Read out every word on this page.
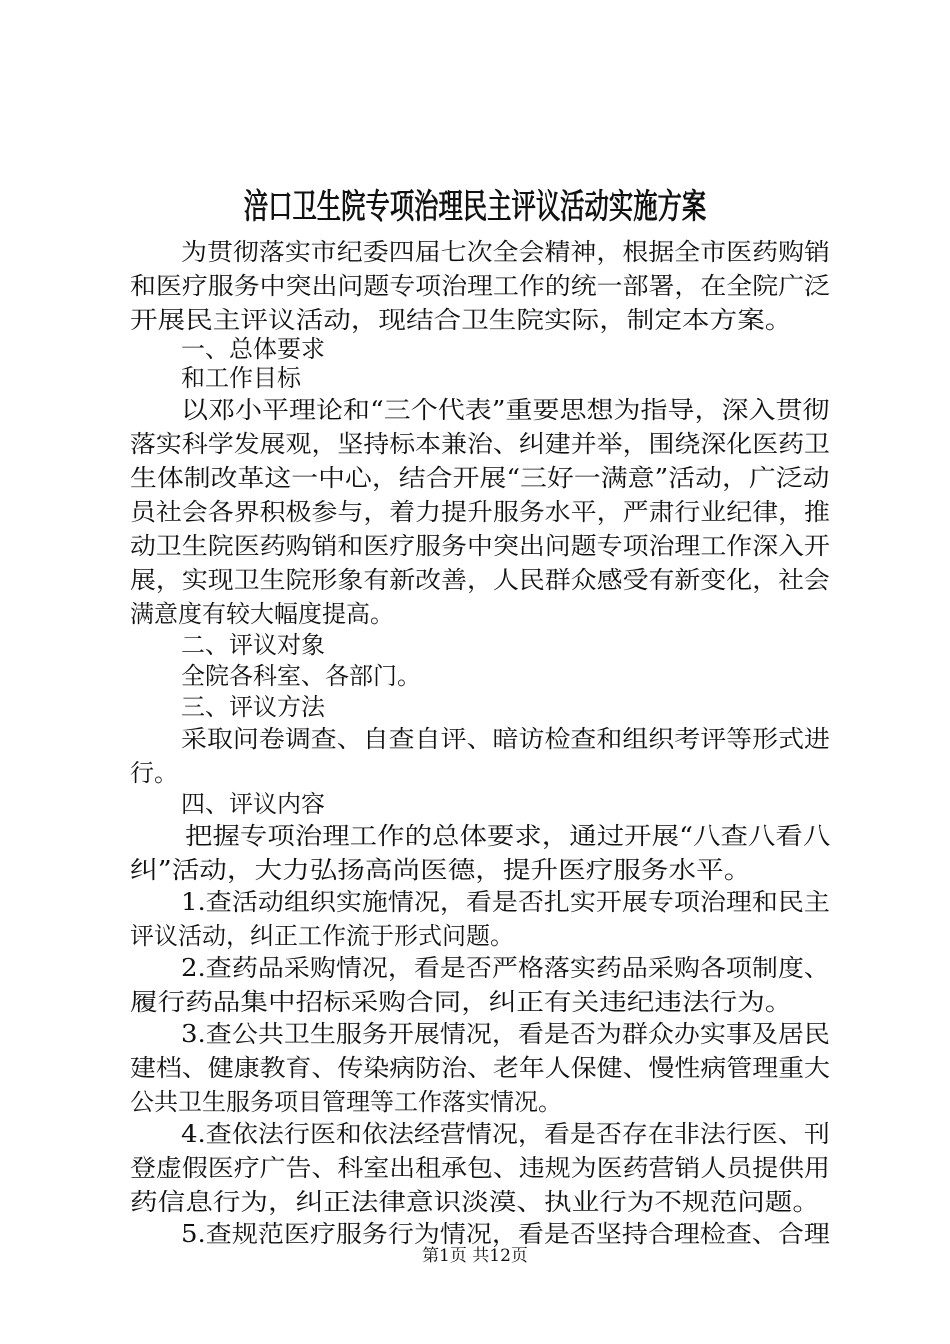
涪口卫生院专项治理民主评议活动实施方案
为贯彻落实市纪委四届七次全会精神，根据全市医药购销
和医疗服务中突出问题专项治理工作的统一部署，在全院广泛
开展民主评议活动，现结合卫生院实际，制定本方案。
一、总体要求
和工作目标
以邓小平理论和“三个代表”重要思想为指导，深入贯彻
落实科学发展观，坚持标本兼治、纠建并举，围绕深化医药卫
生体制改革这一中心，结合开展“三好一满意”活动，广泛动
员社会各界积极参与，着力提升服务水平，严肃行业纪律，推
动卫生院医药购销和医疗服务中突出问题专项治理工作深入开
展，实现卫生院形象有新改善，人民群众感受有新变化，社会
满意度有较大幅度提高。
二、评议对象
全院各科室、各部门。
三、评议方法
采取问卷调查、自查自评、暗访检查和组织考评等形式进
行。
四、评议内容
把握专项治理工作的总体要求，通过开展“八查八看八
纠”活动，大力弘扬高尚医德，提升医疗服务水平。
1.查活动组织实施情况，看是否扎实开展专项治理和民主
评议活动，纠正工作流于形式问题。
2.查药品采购情况，看是否严格落实药品采购各项制度、
履行药品集中招标采购合同，纠正有关违纪违法行为。
3.查公共卫生服务开展情况，看是否为群众办实事及居民
建档、健康教育、传染病防治、老年人保健、慢性病管理重大
公共卫生服务项目管理等工作落实情况。
4.查依法行医和依法经营情况，看是否存在非法行医、刊
登虚假医疗广告、科室出租承包、违规为医药营销人员提供用
药信息行为，纠正法律意识淡漠、执业行为不规范问题。
5.查规范医疗服务行为情况，看是否坚持合理检查、合理
第1页 共12页
